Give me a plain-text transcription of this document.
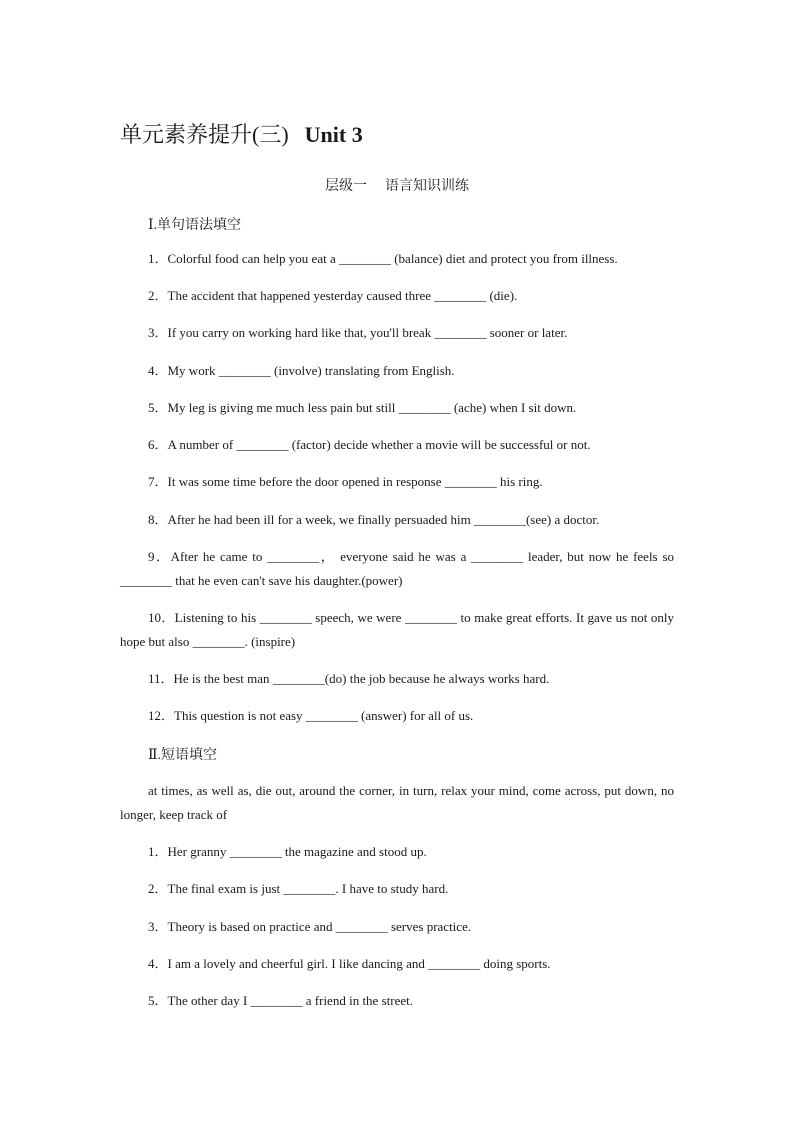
单元素养提升(三) Unit 3
层级一 语言知识训练
Ⅰ.单句语法填空
1．Colorful food can help you eat a ________ (balance) diet and protect you from illness.
2．The accident that happened yesterday caused three ________ (die).
3．If you carry on working hard like that, you'll break ________ sooner or later.
4．My work ________ (involve) translating from English.
5．My leg is giving me much less pain but still ________ (ache) when I sit down.
6．A number of ________ (factor) decide whether a movie will be successful or not.
7．It was some time before the door opened in response ________ his ring.
8．After he had been ill for a week, we finally persuaded him ________(see) a doctor.
9．After he came to ________， everyone said he was a ________ leader, but now he feels so ________ that he even can't save his daughter.(power)
10．Listening to his ________ speech, we were ________ to make great efforts. It gave us not only hope but also ________. (inspire)
11．He is the best man ________(do) the job because he always works hard.
12．This question is not easy ________ (answer) for all of us.
Ⅱ.短语填空
at times, as well as, die out, around the corner, in turn, relax your mind, come across, put down, no longer, keep track of
1．Her granny ________ the magazine and stood up.
2．The final exam is just ________. I have to study hard.
3．Theory is based on practice and ________ serves practice.
4．I am a lovely and cheerful girl. I like dancing and ________ doing sports.
5．The other day I ________ a friend in the street.
